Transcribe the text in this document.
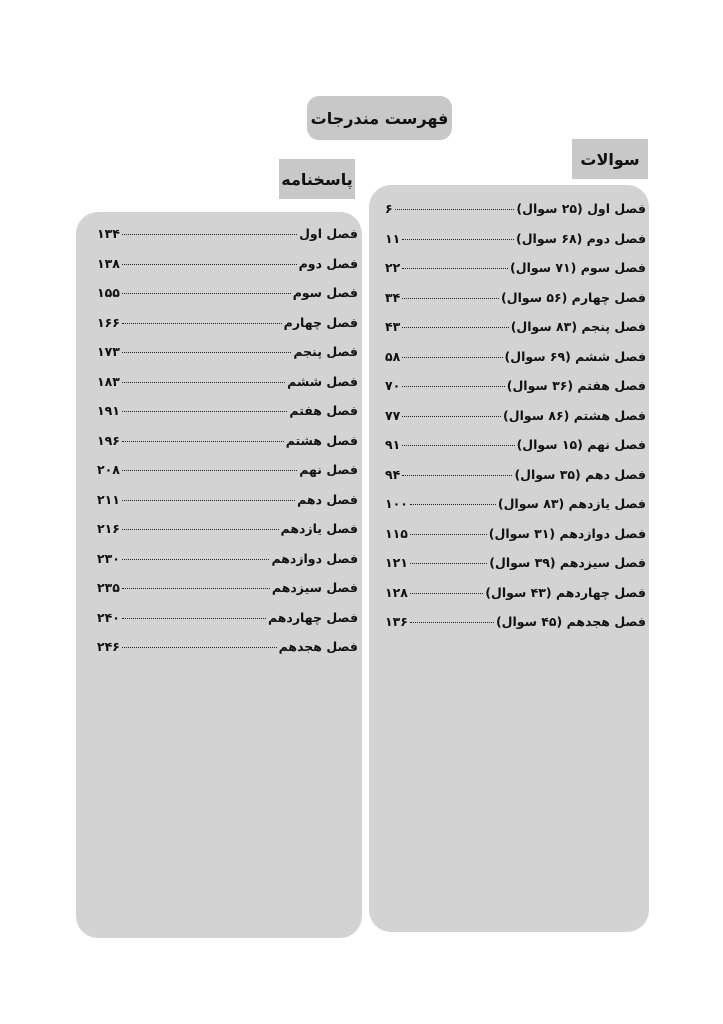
فهرست مندرجات
سوالات
پاسخنامه
فصل اول (۲۵ سوال)
۶
فصل دوم (۶۸ سوال)
۱۱
فصل سوم (۷۱ سوال)
۲۲
فصل چهارم (۵۶ سوال)
۳۴
فصل پنجم (۸۳ سوال)
۴۳
فصل ششم (۶۹ سوال)
۵۸
فصل هفتم (۳۶ سوال)
۷۰
فصل هشتم (۸۶ سوال)
۷۷
فصل نهم (۱۵ سوال)
۹۱
فصل دهم (۳۵ سوال)
۹۴
فصل یازدهم (۸۳ سوال)
۱۰۰
فصل دوازدهم (۳۱ سوال)
۱۱۵
فصل سیزدهم (۳۹ سوال)
۱۲۱
فصل چهاردهم (۴۳ سوال)
۱۲۸
فصل هجدهم (۴۵ سوال)
۱۳۶
فصل اول
۱۳۴
فصل دوم
۱۳۸
فصل سوم
۱۵۵
فصل چهارم
۱۶۶
فصل پنجم
۱۷۳
فصل ششم
۱۸۳
فصل هفتم
۱۹۱
فصل هشتم
۱۹۶
فصل نهم
۲۰۸
فصل دهم
۲۱۱
فصل یازدهم
۲۱۶
فصل دوازدهم
۲۳۰
فصل سیزدهم
۲۳۵
فصل چهاردهم
۲۴۰
فصل هجدهم
۲۴۶
